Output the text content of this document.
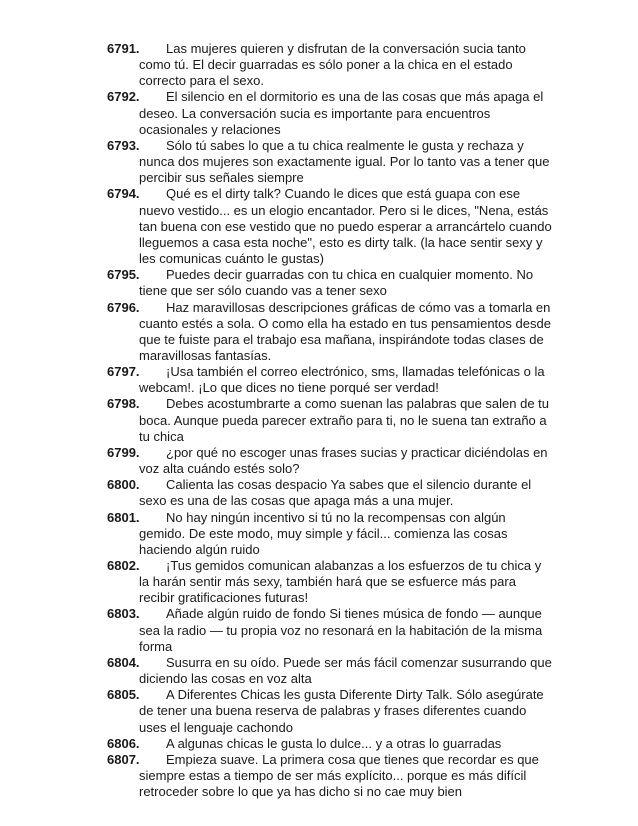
6791.	Las mujeres quieren y disfrutan de la conversación sucia tanto como tú. El decir guarradas es sólo poner a la chica en el estado correcto para el sexo.
6792.	El silencio en el dormitorio es una de las cosas que más apaga el deseo. La conversación sucia es importante para encuentros ocasionales y relaciones
6793.	Sólo tú sabes lo que a tu chica realmente le gusta y rechaza y nunca dos mujeres son exactamente igual. Por lo tanto vas a tener que percibir sus señales siempre
6794.	Qué es el dirty talk? Cuando le dices que está guapa con ese nuevo vestido... es un elogio encantador. Pero si le dices, "Nena, estás tan buena con ese vestido que no puedo esperar a arrancártelo cuando lleguemos a casa esta noche", esto es dirty talk. (la hace sentir sexy y les comunicas cuánto le gustas)
6795.	Puedes decir guarradas con tu chica en cualquier momento. No tiene que ser sólo cuando vas a tener sexo
6796.	Haz maravillosas descripciones gráficas de cómo vas a tomarla en cuanto estés a sola. O como ella ha estado en tus pensamientos desde que te fuiste para el trabajo esa mañana, inspirándote todas clases de maravillosas fantasías.
6797.	¡Usa también el correo electrónico, sms, llamadas telefónicas o la webcam!. ¡Lo que dices no tiene porqué ser verdad!
6798.	Debes acostumbrarte a como suenan las palabras que salen de tu boca. Aunque pueda parecer extraño para ti, no le suena tan extraño a tu chica
6799.	¿por qué no escoger unas frases sucias y practicar diciéndolas en voz alta cuándo estés solo?
6800.	Calienta las cosas despacio Ya sabes que el silencio durante el sexo es una de las cosas que apaga más a una mujer.
6801.	No hay ningún incentivo si tú no la recompensas con algún gemido. De este modo, muy simple y fácil... comienza las cosas haciendo algún ruido
6802.	¡Tus gemidos comunican alabanzas a los esfuerzos de tu chica y la harán sentir más sexy, también hará que se esfuerce más para recibir gratificaciones futuras!
6803.	Añade algún ruido de fondo Si tienes música de fondo — aunque sea la radio — tu propia voz no resonará en la habitación de la misma forma
6804.	Susurra en su oído. Puede ser más fácil comenzar susurrando que diciendo las cosas en voz alta
6805.	A Diferentes Chicas les gusta Diferente Dirty Talk. Sólo asegúrate de tener una buena reserva de palabras y frases diferentes cuando uses el lenguaje cachondo
6806.	A algunas chicas le gusta lo dulce... y a otras lo guarradas
6807.	Empieza suave. La primera cosa que tienes que recordar es que siempre estas a tiempo de ser más explícito... porque es más difícil retroceder sobre lo que ya has dicho si no cae muy bien
